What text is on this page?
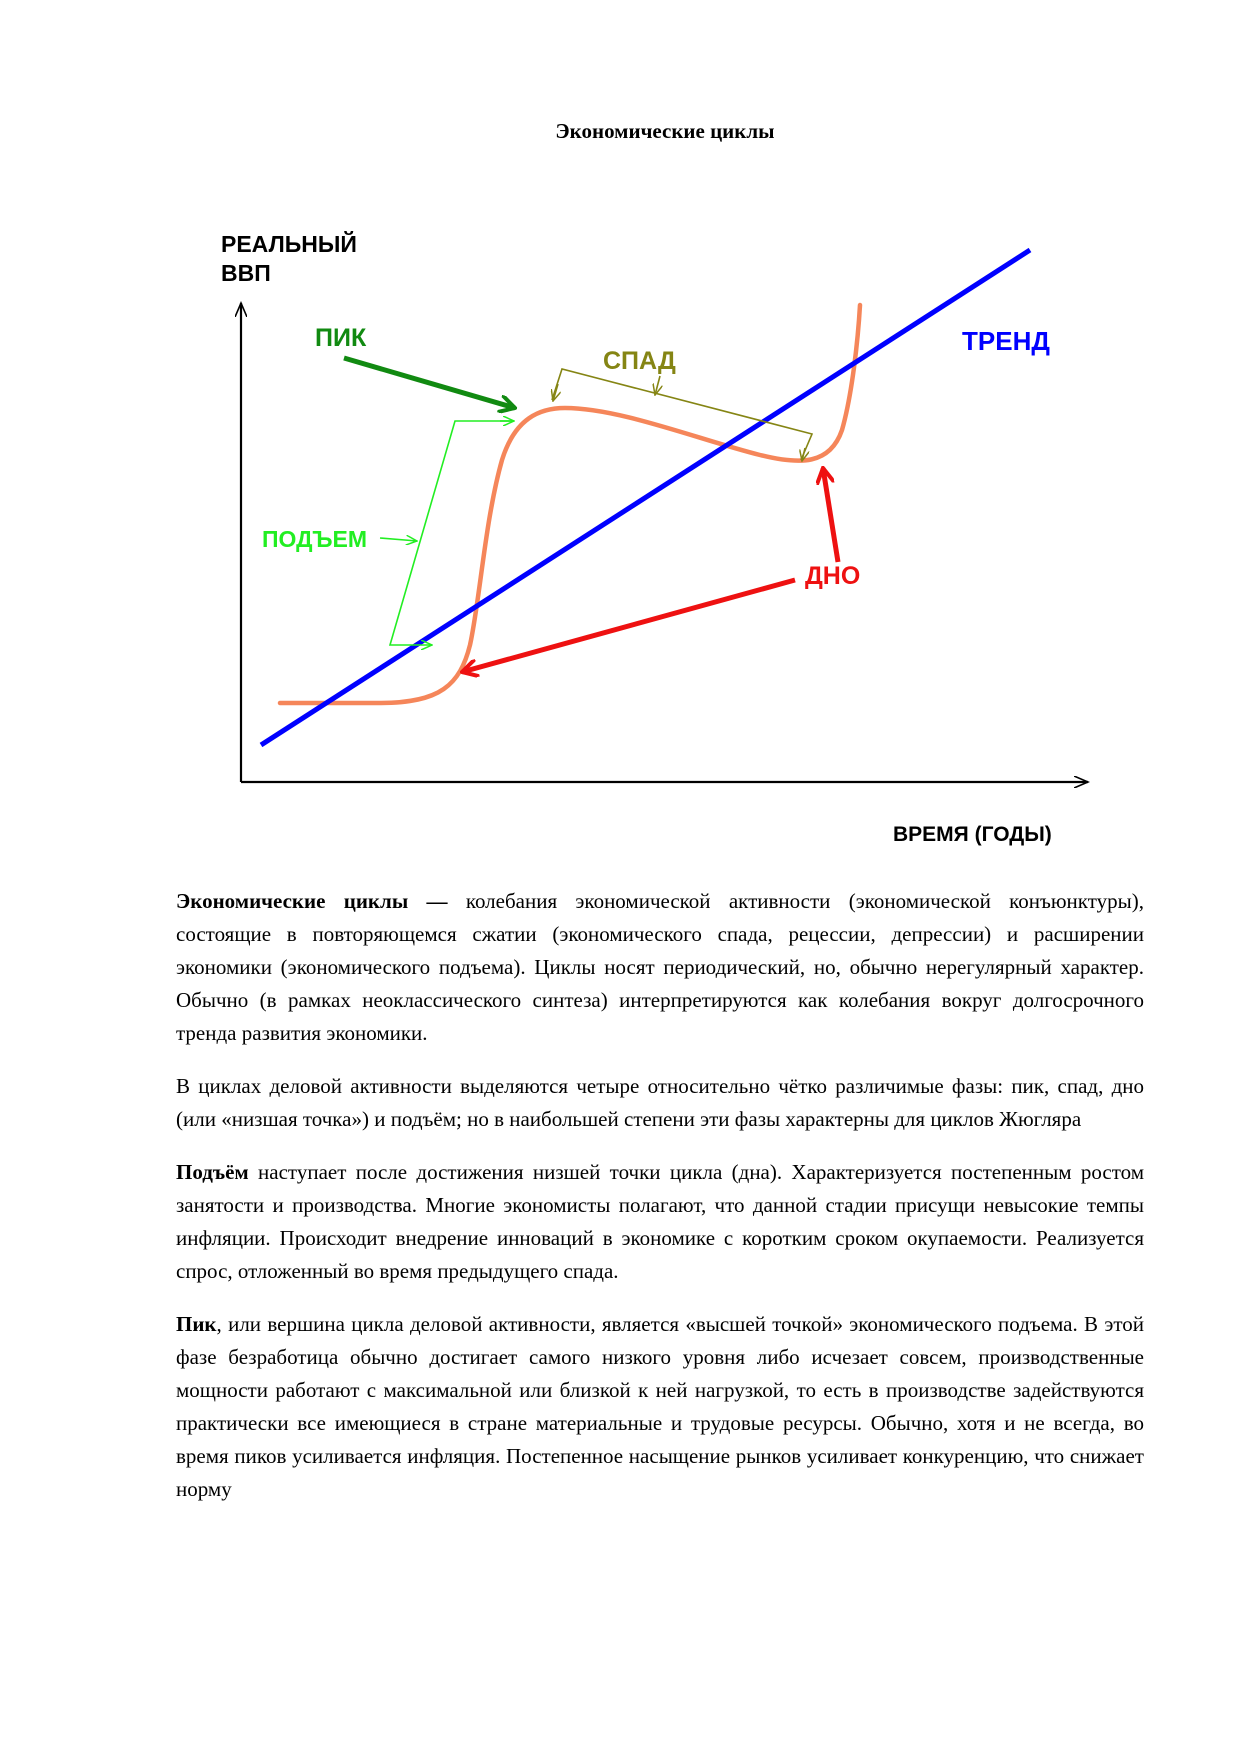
Экономические циклы
РЕАЛЬНЫЙ
ВВП
ВРЕМЯ (ГОДЫ)
ТРЕНД
ПИК
СПАД
ДНО
ПОДЪЕМ

Экономические циклы — колебания экономической активности (экономической конъюнктуры), состоящие в повторяющемся сжатии (экономического спада, рецессии, депрессии) и расширении экономики (экономического подъема). Циклы носят периодический, но, обычно нерегулярный характер. Обычно (в рамках неоклассического синтеза) интерпретируются как колебания вокруг долгосрочного тренда развития экономики.

В циклах деловой активности выделяются четыре относительно чётко различимые фазы: пик, спад, дно (или «низшая точка») и подъём; но в наибольшей степени эти фазы характерны для циклов Жюгляра

Подъём наступает после достижения низшей точки цикла (дна). Характеризуется постепенным ростом занятости и производства. Многие экономисты полагают, что данной стадии присущи невысокие темпы инфляции. Происходит внедрение инноваций в экономике с коротким сроком окупаемости. Реализуется спрос, отложенный во время предыдущего спада.

Пик, или вершина цикла деловой активности, является «высшей точкой» экономического подъема. В этой фазе безработица обычно достигает самого низкого уровня либо исчезает совсем, производственные мощности работают с максимальной или близкой к ней нагрузкой, то есть в производстве задействуются практически все имеющиеся в стране материальные и трудовые ресурсы. Обычно, хотя и не всегда, во время пиков усиливается инфляция. Постепенное насыщение рынков усиливает конкуренцию, что снижает норму
